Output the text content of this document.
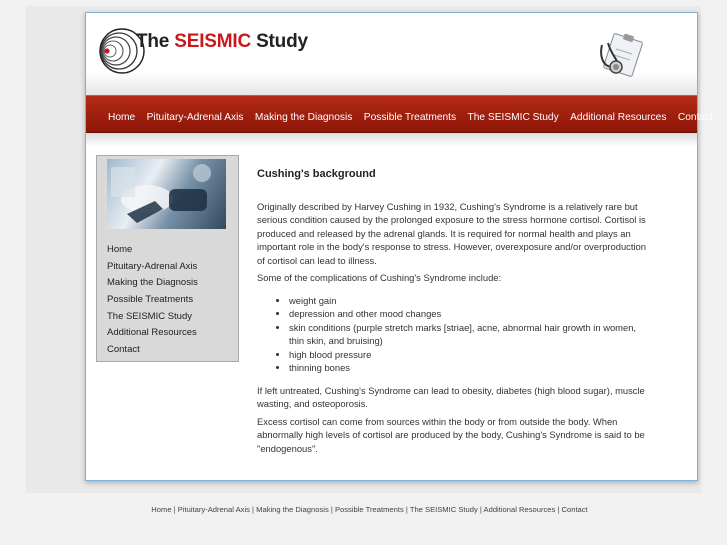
The SEISMIC Study
Home Pituitary-Adrenal Axis Making the Diagnosis Possible Treatments The SEISMIC Study Additional Resources Contact
Home
Pituitary-Adrenal Axis
Making the Diagnosis
Possible Treatments
The SEISMIC Study
Additional Resources
Contact
Cushing's background

Originally described by Harvey Cushing in 1932, Cushing's Syndrome is a relatively rare but serious condition caused by the prolonged exposure to the stress hormone cortisol. Cortisol is produced and released by the adrenal glands. It is required for normal health and plays an important role in the body's response to stress. However, overexposure and/or overproduction of cortisol can lead to illness.

Some of the complications of Cushing's Syndrome include:

• weight gain
• depression and other mood changes
• skin conditions (purple stretch marks [striae], acne, abnormal hair growth in women, thin skin, and bruising)
• high blood pressure
• thinning bones

If left untreated, Cushing's Syndrome can lead to obesity, diabetes (high blood sugar), muscle wasting, and osteoporosis.

Excess cortisol can come from sources within the body or from outside the body. When abnormally high levels of cortisol are produced by the body, Cushing's Syndrome is said to be "endogenous".

Home | Pituitary-Adrenal Axis | Making the Diagnosis | Possible Treatments | The SEISMIC Study | Additional Resources | Contact
